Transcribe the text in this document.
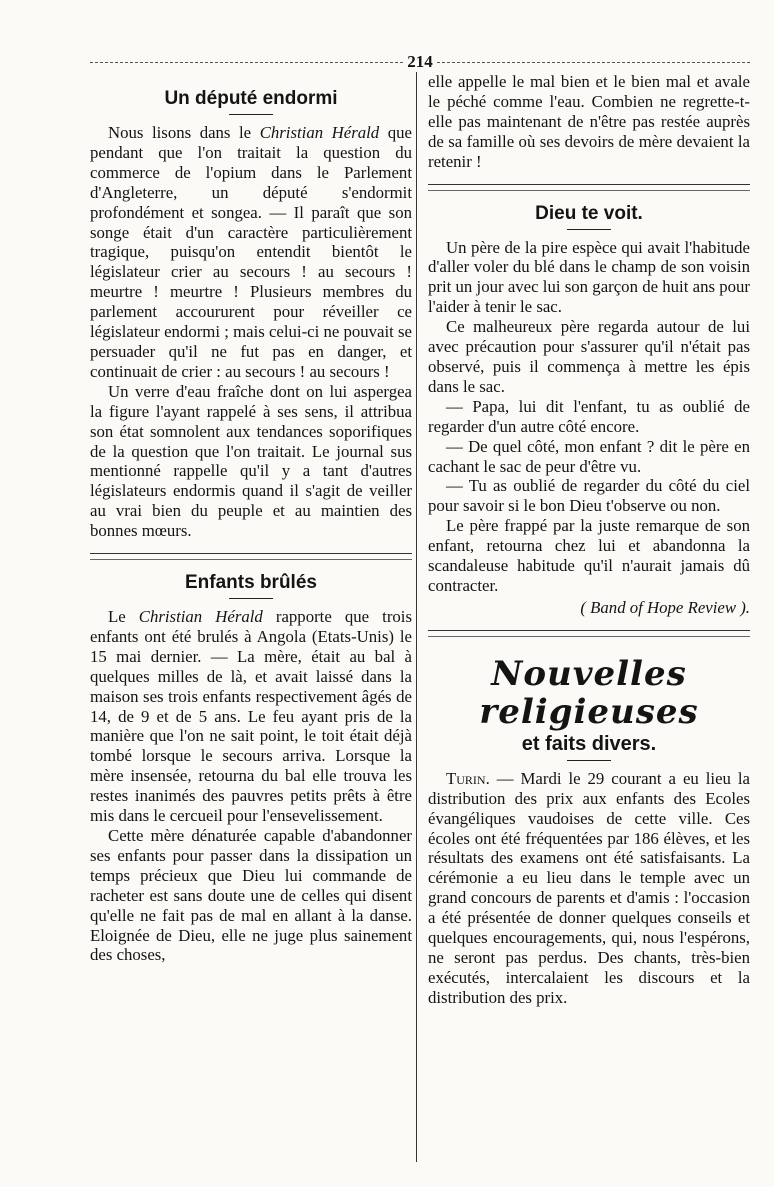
214
Un député endormi

Nous lisons dans le Christian Hérald que pendant que l'on traitait la question du commerce de l'opium dans le Parlement d'Angleterre, un député s'endormit profondément et songea. — Il paraît que son songe était d'un caractère particulièrement tragique, puisqu'on entendit bientôt le législateur crier au secours ! au secours ! meurtre ! meurtre ! Plusieurs membres du parlement accoururent pour réveiller ce législateur endormi ; mais celui-ci ne pouvait se persuader qu'il ne fut pas en danger, et continuait de crier : au secours ! au secours !

Un verre d'eau fraîche dont on lui aspergea la figure l'ayant rappelé à ses sens, il attribua son état somnolent aux tendances soporifiques de la question que l'on traitait. Le journal sus mentionné rappelle qu'il y a tant d'autres législateurs endormis quand il s'agit de veiller au vrai bien du peuple et au maintien des bonnes mœurs.

Enfants brûlés

Le Christian Hérald rapporte que trois enfants ont été brulés à Angola (Etats-Unis) le 15 mai dernier. — La mère, était au bal à quelques milles de là, et avait laissé dans la maison ses trois enfants respectivement âgés de 14, de 9 et de 5 ans. Le feu ayant pris de la manière que l'on ne sait point, le toit était déjà tombé lorsque le secours arriva. Lorsque la mère insensée, retourna du bal elle trouva les restes inanimés des pauvres petits prêts à être mis dans le cercueil pour l'ensevelissement.

Cette mère dénaturée capable d'abandonner ses enfants pour passer dans la dissipation un temps précieux que Dieu lui commande de racheter est sans doute une de celles qui disent qu'elle ne fait pas de mal en allant à la danse. Eloignée de Dieu, elle ne juge plus sainement des choses,

elle appelle le mal bien et le bien mal et avale le péché comme l'eau. Combien ne regrette-t-elle pas maintenant de n'être pas restée auprès de sa famille où ses devoirs de mère devaient la retenir !

Dieu te voit.

Un père de la pire espèce qui avait l'habitude d'aller voler du blé dans le champ de son voisin prit un jour avec lui son garçon de huit ans pour l'aider à tenir le sac.

Ce malheureux père regarda autour de lui avec précaution pour s'assurer qu'il n'était pas observé, puis il commença à mettre les épis dans le sac.

— Papa, lui dit l'enfant, tu as oublié de regarder d'un autre côté encore.

— De quel côté, mon enfant ? dit le père en cachant le sac de peur d'être vu.

— Tu as oublié de regarder du côté du ciel pour savoir si le bon Dieu t'observe ou non.

Le père frappé par la juste remarque de son enfant, retourna chez lui et abandonna la scandaleuse habitude qu'il n'aurait jamais dû contracter.

( Band of Hope Review ).
Nouvelles religieuses
et faits divers.

Turin. — Mardi le 29 courant a eu lieu la distribution des prix aux enfants des Ecoles évangéliques vaudoises de cette ville. Ces écoles ont été fréquentées par 186 élèves, et les résultats des examens ont été satisfaisants. La cérémonie a eu lieu dans le temple avec un grand concours de parents et d'amis : l'occasion a été présentée de donner quelques conseils et quelques encouragements, qui, nous l'espérons, ne seront pas perdus. Des chants, très-bien exécutés, intercalaient les discours et la distribution des prix.
